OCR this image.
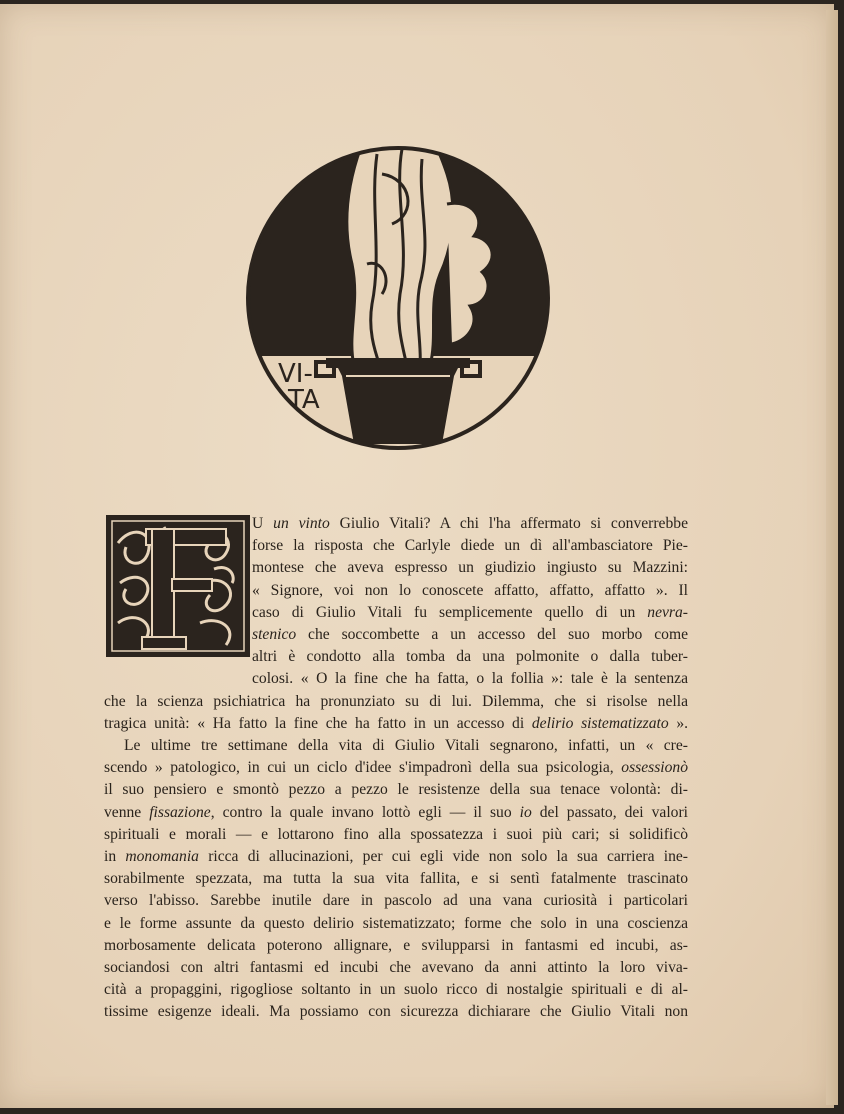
VI-
TA
F
U un vinto Giulio Vitali? A chi l'ha affermato si converrebbe
forse la risposta che Carlyle diede un dì all'ambasciatore Pie-
montese che aveva espresso un giudizio ingiusto su Mazzini:
« Signore, voi non lo conoscete affatto, affatto, affatto ». Il
caso di Giulio Vitali fu semplicemente quello di un nevra-
stenico che soccombette a un accesso del suo morbo come
altri è condotto alla tomba da una polmonite o dalla tuber-
colosi. « O la fine che ha fatta, o la follia »: tale è la sentenza
che la scienza psichiatrica ha pronunziato su di lui. Dilemma, che si risolse nella
tragica unità: « Ha fatto la fine che ha fatto in un accesso di delirio sistematizzato ».
Le ultime tre settimane della vita di Giulio Vitali segnarono, infatti, un « cre-
scendo » patologico, in cui un ciclo d'idee s'impadronì della sua psicologia, ossessionò
il suo pensiero e smontò pezzo a pezzo le resistenze della sua tenace volontà: di-
venne fissazione, contro la quale invano lottò egli — il suo io del passato, dei valori
spirituali e morali — e lottarono fino alla spossatezza i suoi più cari; si solidificò
in monomania ricca di allucinazioni, per cui egli vide non solo la sua carriera ine-
sorabilmente spezzata, ma tutta la sua vita fallita, e si sentì fatalmente trascinato
verso l'abisso. Sarebbe inutile dare in pascolo ad una vana curiosità i particolari
e le forme assunte da questo delirio sistematizzato; forme che solo in una coscienza
morbosamente delicata poterono allignare, e svilupparsi in fantasmi ed incubi, as-
sociandosi con altri fantasmi ed incubi che avevano da anni attinto la loro viva-
cità a propaggini, rigogliose soltanto in un suolo ricco di nostalgie spirituali e di al-
tissime esigenze ideali. Ma possiamo con sicurezza dichiarare che Giulio Vitali non
